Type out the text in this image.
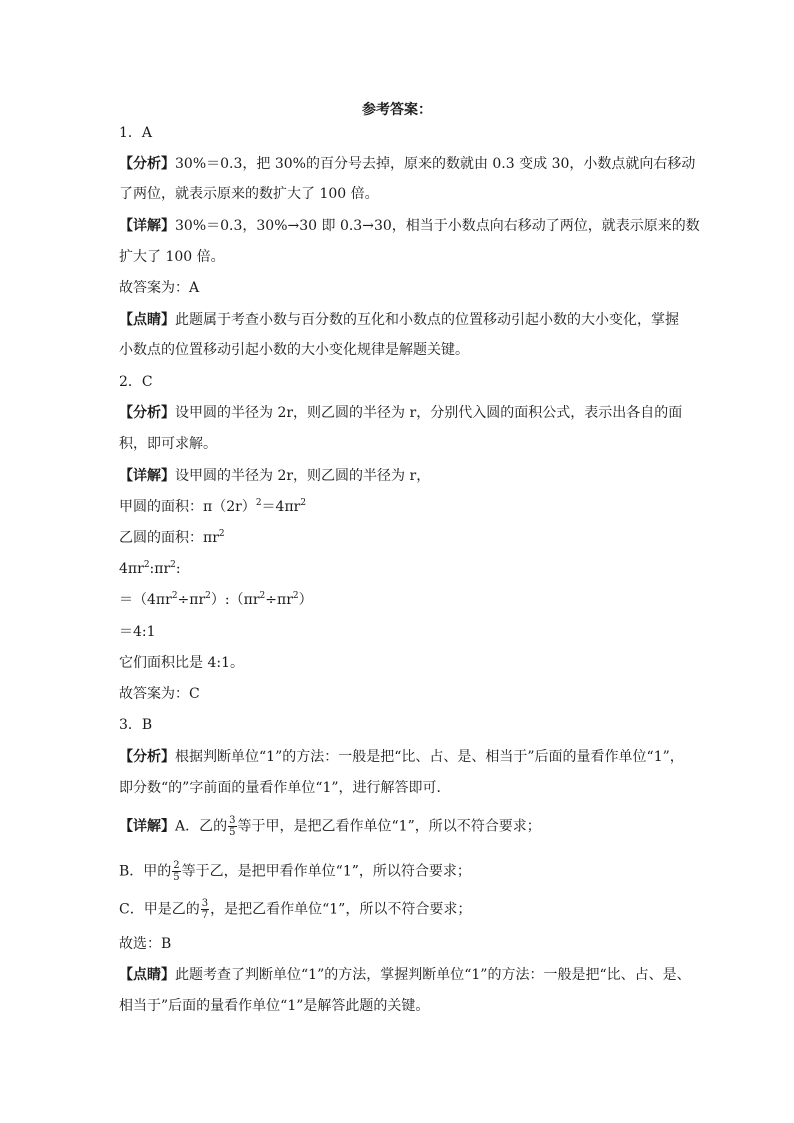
参考答案：
1．A
【分析】30%＝0.3，把 30%的百分号去掉，原来的数就由 0.3 变成 30，小数点就向右移动
了两位，就表示原来的数扩大了 100 倍。
【详解】30%＝0.3，30%→30 即 0.3→30，相当于小数点向右移动了两位，就表示原来的数
扩大了 100 倍。
故答案为：A
【点睛】此题属于考查小数与百分数的互化和小数点的位置移动引起小数的大小变化，掌握
小数点的位置移动引起小数的大小变化规律是解题关键。
2．C
【分析】设甲圆的半径为 2r，则乙圆的半径为 r，分别代入圆的面积公式，表示出各自的面
积，即可求解。
【详解】设甲圆的半径为 2r，则乙圆的半径为 r，
甲圆的面积：$\pi(2r)^2=4\pi r^2$
乙圆的面积：$\pi r^2$
$4\pi r^2:\pi r^2$:
$=(4\pi r^2\div\pi r^2):(\pi r^2\div\pi r^2)$
＝4:1
它们面积比是 4:1。
故答案为：C
3．B
【分析】根据判断单位“1”的方法：一般是把“比、占、是、相当于”后面的量看作单位“1”，
即分数“的”字前面的量看作单位“1”，进行解答即可．
【详解】A．乙的 $\frac{3}{5}$ 等于甲，是把乙看作单位“1”，所以不符合要求；
B．甲的 $\frac{2}{5}$ 等于乙，是把甲看作单位“1”，所以符合要求；
C．甲是乙的 $\frac{3}{7}$ ，是把乙看作单位“1”，所以不符合要求；
故选：B
【点睛】此题考查了判断单位“1”的方法，掌握判断单位“1”的方法：一般是把“比、占、是、
相当于”后面的量看作单位“1”是解答此题的关键。
